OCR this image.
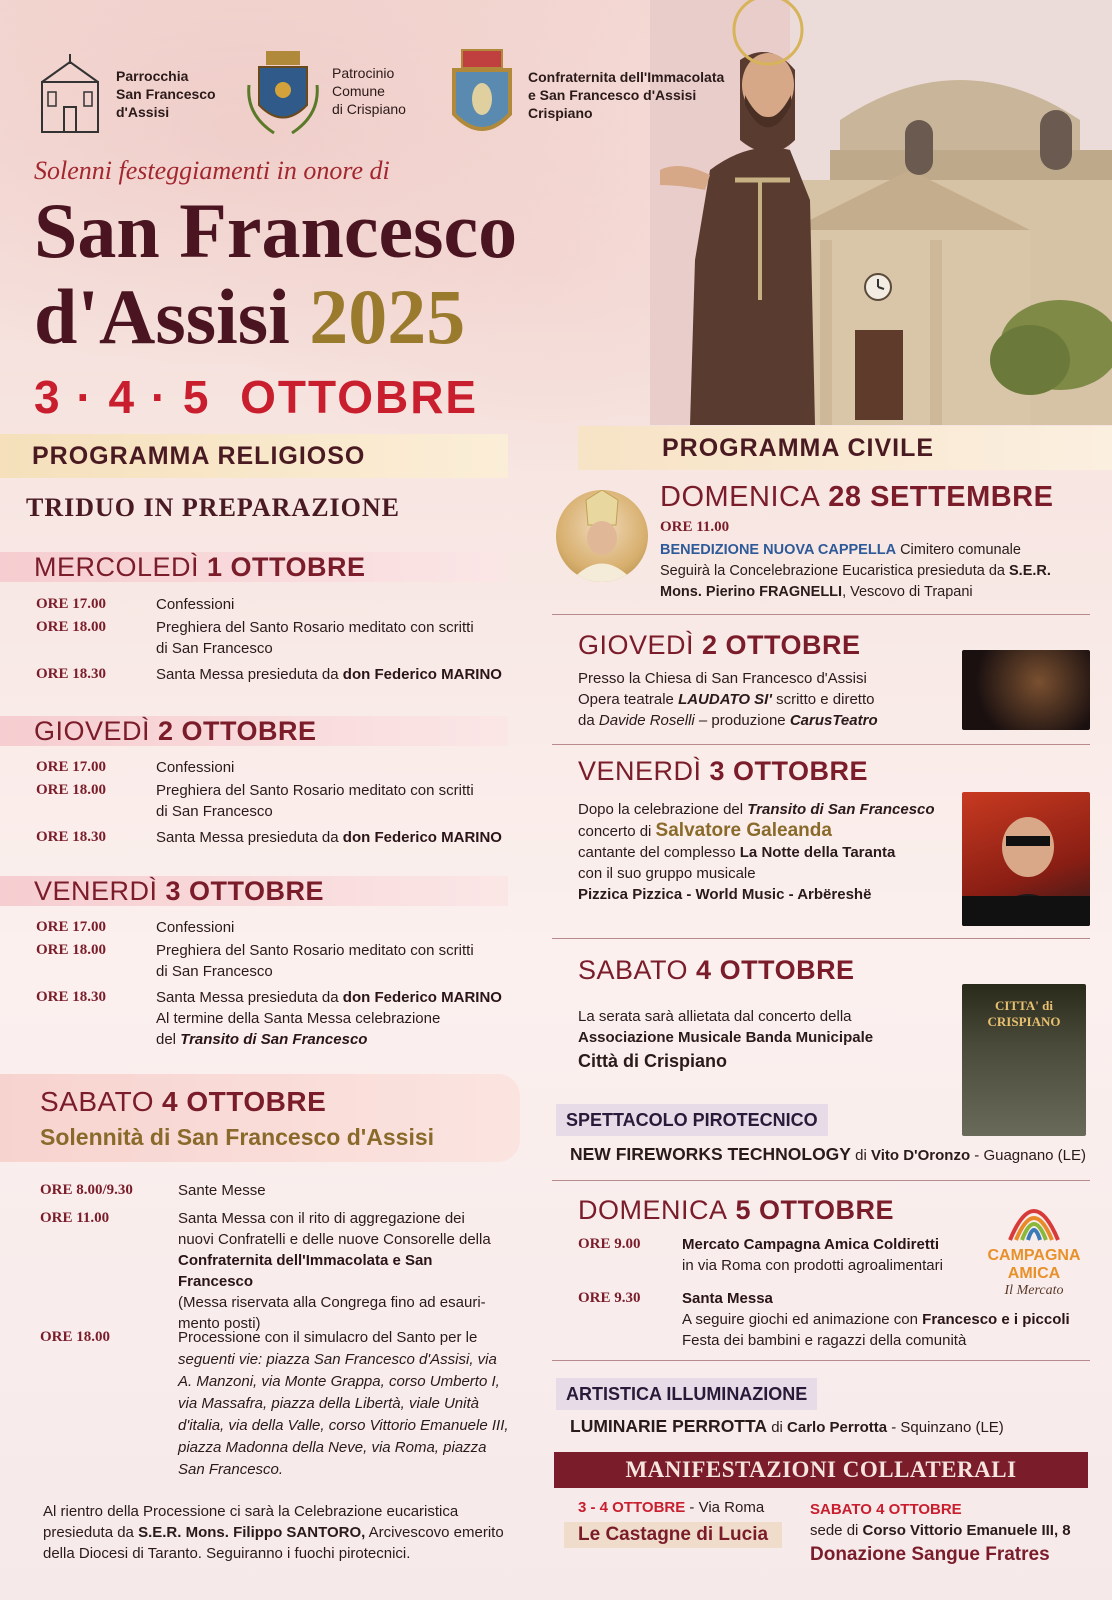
Parrocchia
San Francesco
d'Assisi
Patrocinio
Comune
di Crispiano
Confraternita dell'Immacolata
e San Francesco d'Assisi
Crispiano
Solenni festeggiamenti in onore di
San Francesco
d'Assisi 2025
3 · 4 · 5  OTTOBRE
PROGRAMMA RELIGIOSO
TRIDUO IN PREPARAZIONE
MERCOLEDÌ 1 OTTOBRE
ORE 17.00	Confessioni
ORE 18.00	Preghiera del Santo Rosario meditato con scritti
di San Francesco
ORE 18.30	Santa Messa presieduta da don Federico MARINO
GIOVEDÌ 2 OTTOBRE
ORE 17.00	Confessioni
ORE 18.00	Preghiera del Santo Rosario meditato con scritti
di San Francesco
ORE 18.30	Santa Messa presieduta da don Federico MARINO
VENERDÌ 3 OTTOBRE
ORE 17.00	Confessioni
ORE 18.00	Preghiera del Santo Rosario meditato con scritti
di San Francesco
ORE 18.30	Santa Messa presieduta da don Federico MARINO
Al termine della Santa Messa celebrazione
del Transito di San Francesco
SABATO 4 OTTOBRE
Solennità di San Francesco d'Assisi
ORE 8.00/9.30	Sante Messe
ORE 11.00	Santa Messa con il rito di aggregazione dei
nuovi Confratelli e delle nuove Consorelle della
Confraternita dell'Immacolata e San Francesco
(Messa riservata alla Congrega fino ad esauri-
mento posti)
ORE 18.00	Processione con il simulacro del Santo per le
seguenti vie: piazza San Francesco d'Assisi, via
A. Manzoni, via Monte Grappa, corso Umberto I,
via Massafra, piazza della Libertà, viale Unità
d'italia, via della Valle, corso Vittorio Emanuele III,
piazza Madonna della Neve, via Roma, piazza
San Francesco.
Al rientro della Processione ci sarà la Celebrazione eucaristica
presieduta da S.E.R. Mons. Filippo SANTORO, Arcivescovo emerito
della Diocesi di Taranto. Seguiranno i fuochi pirotecnici.
PROGRAMMA CIVILE
DOMENICA 28 SETTEMBRE
ORE 11.00
BENEDIZIONE NUOVA CAPPELLA Cimitero comunale
Seguirà la Concelebrazione Eucaristica presieduta da S.E.R.
Mons. Pierino FRAGNELLI, Vescovo di Trapani
GIOVEDÌ 2 OTTOBRE
Presso la Chiesa di San Francesco d'Assisi
Opera teatrale LAUDATO SI' scritto e diretto
da Davide Roselli – produzione CarusTeatro
VENERDÌ 3 OTTOBRE
Dopo la celebrazione del Transito di San Francesco
concerto di Salvatore Galeanda
cantante del complesso La Notte della Taranta
con il suo gruppo musicale
Pizzica Pizzica - World Music - Arbëreshë
SABATO 4 OTTOBRE
La serata sarà allietata dal concerto della
Associazione Musicale Banda Municipale
Città di Crispiano
CITTA' di CRISPIANO
SPETTACOLO PIROTECNICO
NEW FIREWORKS TECHNOLOGY di Vito D'Oronzo - Guagnano (LE)
DOMENICA 5 OTTOBRE
ORE 9.00	Mercato Campagna Amica Coldiretti
in via Roma con prodotti agroalimentari
ORE 9.30	Santa Messa
A seguire giochi ed animazione con Francesco e i piccoli
Festa dei bambini e ragazzi della comunità
CAMPAGNA
AMICA
Il Mercato
ARTISTICA ILLUMINAZIONE
LUMINARIE PERROTTA di Carlo Perrotta - Squinzano (LE)
MANIFESTAZIONI COLLATERALI
3 - 4 OTTOBRE - Via Roma
Le Castagne di Lucia
SABATO 4 OTTOBRE
sede di Corso Vittorio Emanuele III, 8
Donazione Sangue Fratres
